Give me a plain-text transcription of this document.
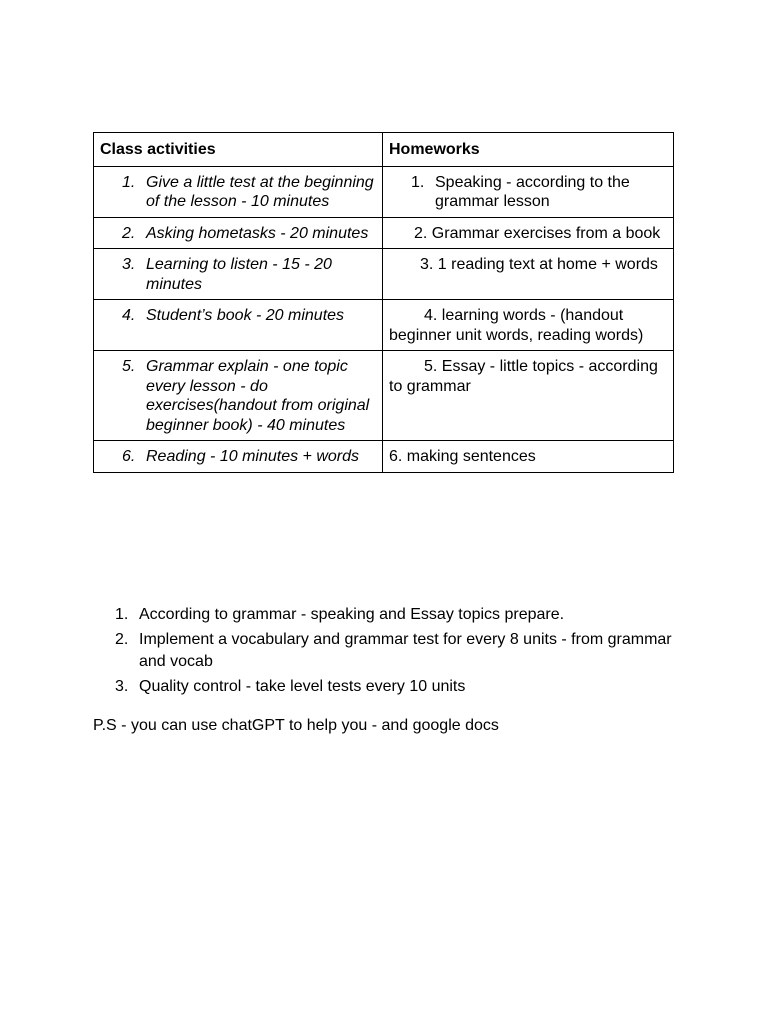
Class activities	Homeworks

1. Give a little test at the beginning of the lesson - 10 minutes	1. Speaking - according to the grammar lesson

2. Asking hometasks - 20 minutes	2. Grammar exercises from a book

3. Learning to listen - 15 - 20 minutes	3. 1 reading text at home + words

4. Student’s book - 20 minutes	4. learning words - (handout beginner unit words, reading words)

5. Grammar explain - one topic every lesson - do exercises(handout from original beginner book) - 40 minutes	5. Essay - little topics - according to grammar

6. Reading - 10 minutes + words	6. making sentences
1. According to grammar - speaking and Essay topics prepare.
2. Implement a vocabulary and grammar test for every 8 units - from grammar and vocab
3. Quality control - take level tests every 10 units
P.S - you can use chatGPT to help you - and google docs
